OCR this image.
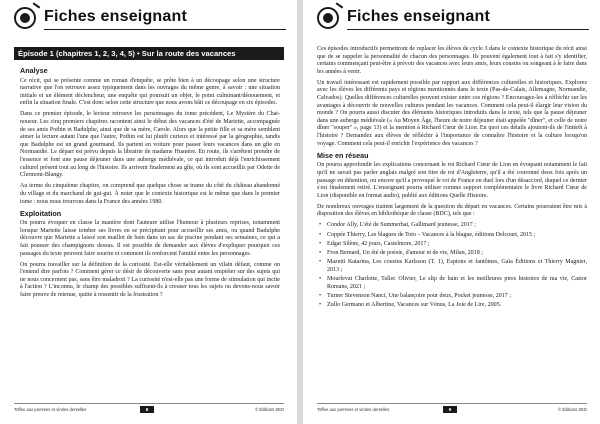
Fiches enseignant
Épisode 1 (chapitres 1, 2, 3, 4, 5) • Sur la route des vacances
Analyse

Ce récit, qui se présente comme un roman d'enquête, se prête bien à un découpage selon une structure narrative que l'on retrouve assez typiquement dans les ouvrages du même genre, à savoir : une situation initiale et un élément déclencheur, une enquête qui poursuit un objet, le point culminant/dénouement, et enfin la situation finale. C'est donc selon cette structure que nous avons bâti ce découpage en six épisodes.

Dans ce premier épisode, le lecteur retrouve les personnages du tome précédent, Le Mystère du Chat-noueur. Les cinq premiers chapitres racontent ainsi le début des vacances d'été de Mariette, accompagnée de ses amis Pothin et Badulphe, ainsi que de sa mère, Carole. Alors que la petite fille et sa mère semblent aimer la lecture autant l'une que l'autre, Pothin est lui plutôt curieux et intéressé par la géographie, tandis que Badulphe est un grand gourmand. Ils partent en voiture pour passer leurs vacances dans un gîte en Normandie. Le départ est prévu depuis la librairie de madame Huanère. En route, ils s'arrêtent prendre de l'essence et font une pause déjeuner dans une auberge médiévale, ce qui introduit déjà l'enrichissement culturel présent tout au long de l'histoire. Ils arrivent finalement au gîte, où ils sont accueillis par Odette de Clermont-Blangy.

Au terme du cinquième chapitre, on comprend que quelque chose se trame du côté du château abandonné du village et du marchand de gui-gui. À noter que le contexte historique est le même que dans le premier tome : nous nous trouvons dans la France des années 1980.

Exploitation

On pourra évoquer en classe la manière dont l'auteure utilise l'humour à plusieurs reprises, notamment lorsque Mariette laisse tomber ses livres en se précipitant pour accueillir ses amis, ou quand Badulphe découvre que Mariette a laissé son maillot de bain dans un sac de piscine pendant ses semaines, ce qui a fait pousser des champignons dessus. Il est possible de demander aux élèves d'expliquer pourquoi ces passages du texte peuvent faire sourire et comment ils renforcent l'amitié entre les personnages.

On pourra travailler sur la définition de la curiosité. Est-elle véritablement un vilain défaut, comme on l'entend dire parfois ? Comment gérer ce désir de découverte sans pour autant empiéter sur des sujets qui ne nous concernent pas, sans être maladroit ? La curiosité n'est-elle pas une forme de stimulation qui incite à l'action ? L'inconnu, le champ des possibles suffisent-ils à creuser tous les sujets ou devons-nous savoir faire preuve de retenue, quitte à ressentir de la frustration ?

Toffee aux pommes et viroles dentelles	8	© Éditions SED
Fiches enseignant

Ces épisodes introductifs permettront de replacer les élèves de cycle 3 dans le contexte historique du récit ainsi que de se rappeler la personnalité de chacun des personnages. Ils pouvent également tout à fait s'y identifier, certains commençant peut-être à prévoir des vacances avec leurs amis, leurs cousins ou songeant à le faire dans les années à venir.

Un travail intéressant est rapidement possible par rapport aux différences culturelles et historiques. Explorez avec les élèves les différents pays et régions mentionnés dans le texte (Pas-de-Calais, Allemagne, Normandie, Calvados). Quelles différences culturelles peuvent exister entre ces régions ? Encouragez-les à réfléchir sur les avantages à découvrir de nouvelles cultures pendant les vacances. Comment cela peut-il élargir leur vision du monde ? On pourra aussi discuter des éléments historiques introduits dans le texte, tels que la pause déjeuner dans une auberge médiévale (« Au Moyen Âge, l'heure de notre déjeuner était appelée "dîner", et celle de notre dîner "souper" », page 13) et la mention à Richard Cœur de Lion. En quoi ces détails ajoutent-ils de l'intérêt à l'histoire ? Demandez aux élèves de réfléchir à l'importance de connaître l'histoire et la culture lorsqu'on voyage. Comment cela peut-il enrichir l'expérience des vacances ?

Mise en réseau

On pourra approfondir les explications concernant le roi Richard Cœur de Lion en évoquant notamment le fait qu'il ne savait pas parler anglais malgré son titre de roi d'Angleterre, qu'il a été couronné deux fois après un passage en détention, ou encore qu'il a provoqué le roi de France en duel lors d'un désaccord, duquel ce dernier s'est finalement retiré. L'enseignant pourra utiliser comme support complémentaire le livre Richard Cœur de Lion (disponible en format audio), publié aux éditions Quelle Histoire.

De nombreux ouvrages traitent largement de la question du départ en vacances. Certains pourraient être mis à disposition des élèves en bibliothèque de classe (BDC), tels que :

• Condor Ally, L'été de Summerhat, Gallimard jeunesse, 2017 ;
• Coppée Thierry, Les blagues de Toto – Vacances à la blague, éditions Delcourt, 2015 ;
• Edgar Silène, 42 jours, Castelmore, 2017 ;
• Fron Bernard, Un été de poésie, d'amour et de vie, Milan, 2018 ;
• Mazetti Katarina, Les cousins Karlsson (T. 1), Espions et fantômes, Gaïa Éditions et Thierry Magnier, 2013 ;
• Mourlevat Charlotte, Tallec Olivier, Le slip de bain et les meilleures pires histoires de ma vie, Castor Romans, 2021 ;
• Turner Stevenson Nanci, Une balançoire pour deux, Pocket jeunesse, 2017 ;
• Zullo Germano et Albertine, Vacances sur Vénus, La Joie de Lire, 2005.
Toffee aux pommes et viroles dentelles	9	© Éditions SED
